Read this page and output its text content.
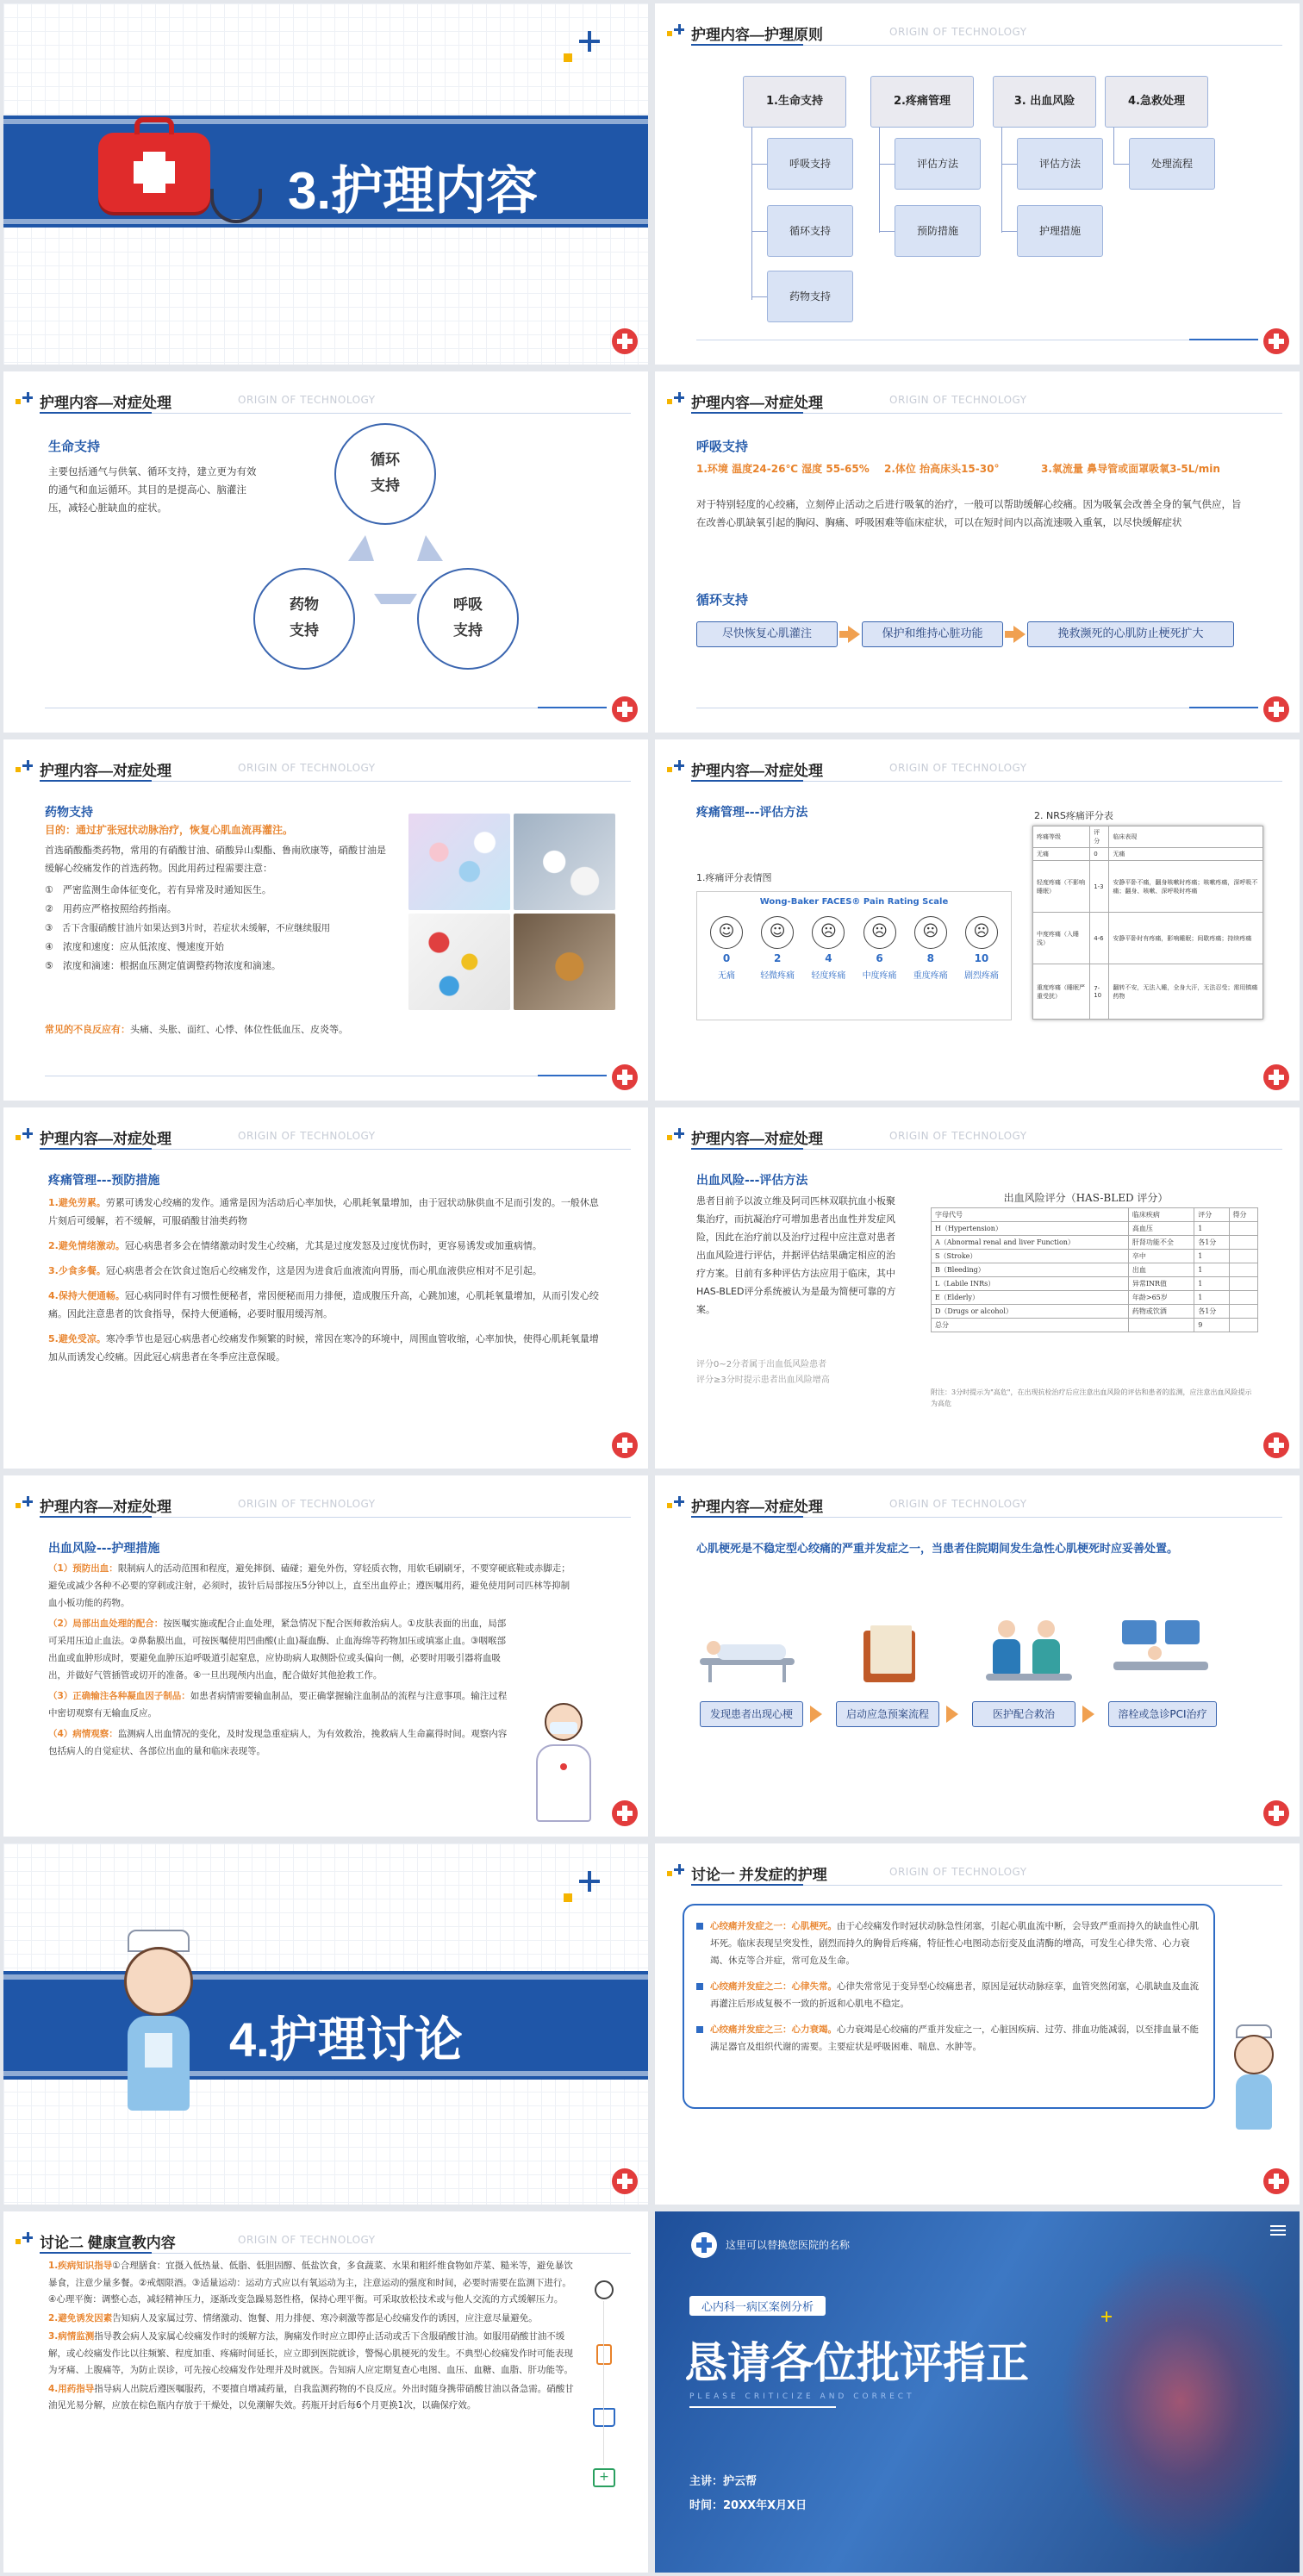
3.护理内容
护理内容—护理原则	ORIGIN OF TECHNOLOGY
1.生命支持	2.疼痛管理	3. 出血风险	4.急救处理
呼吸支持
循环支持
药物支持
评估方法
预防措施
评估方法
护理措施
处理流程
护理内容—对症处理	ORIGIN OF TECHNOLOGY
生命支持
主要包括通气与供氧、循环支持，建立更为有效的通气和血运循环。其目的是提高心、脑灌注压，减轻心脏缺血的症状。
循环
支持
药物
支持
呼吸
支持
护理内容—对症处理	ORIGIN OF TECHNOLOGY
呼吸支持
1.环境 温度24-26℃ 湿度 55-65% 2.体位 抬高床头15-30°	3.氧流量 鼻导管或面罩吸氧3-5L/min
对于特别轻度的心绞痛，立刻停止活动之后进行吸氧的治疗，一般可以帮助缓解心绞痛。因为吸氧会改善全身的氧气供应，旨在改善心肌缺氧引起的胸闷、胸痛、呼吸困难等临床症状，可以在短时间内以高流速吸入重氧，以尽快缓解症状
循环支持
尽快恢复心肌灌注	保护和维持心脏功能	挽救濒死的心肌防止梗死扩大
护理内容—对症处理	ORIGIN OF TECHNOLOGY
药物支持
目的：通过扩张冠状动脉治疗，恢复心肌血流再灌注。
首选硝酸酯类药物，常用的有硝酸甘油、硝酸异山梨酯、鲁南欣康等，硝酸甘油是缓解心绞痛发作的首选药物。因此用药过程需要注意：
①　严密监测生命体征变化，若有异常及时通知医生。
②　用药应严格按照给药指南。
③　舌下含服硝酸甘油片如果达到3片时，若症状未缓解，不应继续服用
④　浓度和速度：应从低浓度、慢速度开始
⑤　浓度和滴速：根据血压测定值调整药物浓度和滴速。
常见的不良反应有：头痛、头胀、面红、心悸、体位性低血压、皮炎等。
护理内容—对症处理	ORIGIN OF TECHNOLOGY
疼痛管理---评估方法
1.疼痛评分表情图
2. NRS疼痛评分表
Wong-Baker FACES® Pain Rating Scale
☺
0
无痛
☺
2
轻微疼痛
☹
4
轻度疼痛
☹
6
中度疼痛
☹
8
重度疼痛
☹
10
剧烈疼痛
疼痛等级	评分	临床表现
无痛	0	无痛
轻度疼痛（不影响睡眠）	1-3	安静平卧不痛，翻身咳嗽时疼痛；咳嗽疼痛，深呼吸不痛；翻身、咳嗽、深呼吸时疼痛
中度疼痛（入睡浅）	4-6	安静平卧时有疼痛，影响睡眠；间歇疼痛；持续疼痛
重度疼痛（睡眠严重受扰）	7-10	翻转不安，无法入睡，全身大汗，无法忍受；需用镇痛药物
护理内容—对症处理	ORIGIN OF TECHNOLOGY
疼痛管理---预防措施
1.避免劳累。劳累可诱发心绞痛的发作。通常是因为活动后心率加快，心肌耗氧量增加，由于冠状动脉供血不足而引发的。一般休息片刻后可缓解，若不缓解，可服硝酸甘油类药物
2.避免情绪激动。冠心病患者多会在情绪激动时发生心绞痛，尤其是过度发怒及过度忧伤时，更容易诱发或加重病情。
3.少食多餐。冠心病患者会在饮食过饱后心绞痛发作，这是因为进食后血液流向胃肠，而心肌血液供应相对不足引起。
4.保持大便通畅。冠心病同时伴有习惯性便秘者，常因便秘而用力排便，造成腹压升高，心跳加速，心肌耗氧量增加，从而引发心绞痛。因此注意患者的饮食指导，保持大便通畅，必要时服用缓泻剂。
5.避免受凉。寒冷季节也是冠心病患者心绞痛发作频繁的时候，常因在寒冷的环境中，周围血管收缩，心率加快，使得心肌耗氧量增加从而诱发心绞痛。因此冠心病患者在冬季应注意保暖。
护理内容—对症处理	ORIGIN OF TECHNOLOGY
出血风险---评估方法
患者目前予以波立维及阿司匹林双联抗血小板聚集治疗，而抗凝治疗可增加患者出血性并发症风险，因此在治疗前以及治疗过程中应注意对患者出血风险进行评估，并据评估结果确定相应的治疗方案。目前有多种评估方法应用于临床，其中HAS-BLED评分系统被认为是最为简便可靠的方案。
评分0~2分者属于出血低风险患者
评分≥3分时提示患者出血风险增高
出血风险评分（HAS-BLED 评分）
字母代号	临床疾病	评分	得分
H（Hypertension）	高血压	1	
A（Abnormal renal and liver Function）	肝肾功能不全	各1分	
S（Stroke）	卒中	1	
B（Bleeding）	出血	1	
L（Labile INRs）	异常INR值	1	
E（Elderly）	年龄>65岁	1	
D（Drugs or alcohol）	药物或饮酒	各1分	
总分		9	
附注：3分时提示为"高危"，在出现抗栓治疗后应注意出血风险的评估和患者的监测，应注意出血风险提示为高危
护理内容—对症处理	ORIGIN OF TECHNOLOGY
出血风险---护理措施
（1）预防出血：限制病人的活动范围和程度，避免摔倒、磕碰；避免外伤，穿轻质衣物，用软毛刷刷牙，不要穿硬底鞋或赤脚走；避免或减少各种不必要的穿刺或注射，必须时，拔针后局部按压5分钟以上，直至出血停止；遵医嘱用药，避免使用阿司匹林等抑制血小板功能的药物。
（2）局部出血处理的配合：按医嘱实施或配合止血处理，紧急情况下配合医师救治病人。①皮肤表面的出血，局部可采用压迫止血法。②鼻黏膜出血，可按医嘱使用凹曲酸(止血)凝血酶、止血海绵等药物加压或填塞止血。③咽喉部出血或血肿形成时，要避免血肿压迫呼吸道引起窒息，应协助病人取侧卧位或头偏向一侧，必要时用吸引器将血吸出，并做好气管插管或切开的准备。④一旦出现颅内出血，配合做好其他抢救工作。
（3）正确输注各种凝血因子制品：如患者病情需要输血制品，要正确掌握输注血制品的流程与注意事项。输注过程中密切观察有无输血反应。
（4）病情观察：监测病人出血情况的变化，及时发现急重症病人，为有效救治，挽救病人生命赢得时间。观察内容包括病人的自觉症状、各部位出血的量和临床表现等。
护理内容—对症处理	ORIGIN OF TECHNOLOGY
心肌梗死是不稳定型心绞痛的严重并发症之一，当患者住院期间发生急性心肌梗死时应妥善处置。
发现患者出现心梗	启动应急预案流程	医护配合救治	溶栓或急诊PCI治疗
4.护理讨论
讨论一 并发症的护理	ORIGIN OF TECHNOLOGY
心绞痛并发症之一：心肌梗死。由于心绞痛发作时冠状动脉急性闭塞，引起心肌血流中断，会导致严重而持久的缺血性心肌坏死。临床表现呈突发性，剧烈而持久的胸骨后疼痛，特征性心电图动态衍变及血清酶的增高，可发生心律失常、心力衰竭、休克等合并症，常可危及生命。
心绞痛并发症之二：心律失常。心律失常常见于变异型心绞痛患者，原因是冠状动脉痉挛，血管突然闭塞，心肌缺血及血流再灌注后形成复极不一致的折返和心肌电不稳定。
心绞痛并发症之三：心力衰竭。心力衰竭是心绞痛的严重并发症之一，心脏因疾病、过劳、排血功能减弱，以至排血量不能满足器官及组织代谢的需要。主要症状是呼吸困难、喘息、水肿等。
讨论二 健康宣教内容	ORIGIN OF TECHNOLOGY
1.疾病知识指导①合理膳食：宜摄入低热量、低脂、低胆固醇、低盐饮食，多食蔬菜、水果和粗纤维食物如芹菜、糙米等，避免暴饮暴食，注意少量多餐。②戒烟限酒。③适量运动：运动方式应以有氧运动为主，注意运动的强度和时间，必要时需要在监测下进行。④心理平衡：调整心态，减轻精神压力，逐渐改变急躁易怒性格，保持心理平衡。可采取放松技术或与他人交流的方式缓解压力。
2.避免诱发因素告知病人及家属过劳、情绪激动、饱餐、用力排便、寒冷刺激等都是心绞痛发作的诱因，应注意尽量避免。
3.病情监测指导教会病人及家属心绞痛发作时的缓解方法，胸痛发作时应立即停止活动或舌下含服硝酸甘油。如服用硝酸甘油不缓解，或心绞痛发作比以往频繁、程度加重、疼痛时间延长，应立即到医院就诊，警惕心肌梗死的发生。不典型心绞痛发作时可能表现为牙痛、上腹痛等，为防止误诊，可先按心绞痛发作处理并及时就医。告知病人应定期复查心电图、血压、血糖、血脂、肝功能等。
4.用药指导指导病人出院后遵医嘱服药，不要擅自增减药量，自我监测药物的不良反应。外出时随身携带硝酸甘油以备急需。硝酸甘油见光易分解，应放在棕色瓶内存放于干燥处，以免潮解失效。药瓶开封后每6个月更换1次，以确保疗效。
+
这里可以替换您医院的名称
心内科一病区案例分析
恳请各位批评指正
PLEASE CRITICIZE AND CORRECT
主讲：护云帮
时间：20XX年X月X日
